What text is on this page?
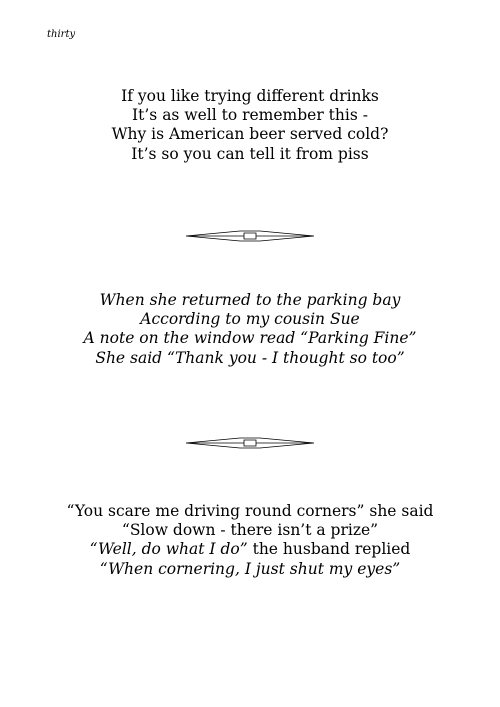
thirty
If you like trying different drinks
It’s as well to remember this -
Why is American beer served cold?
It’s so you can tell it from piss
When she returned to the parking bay
According to my cousin Sue
A note on the window read “Parking Fine”
She said “Thank you - I thought so too”
“You scare me driving round corners” she said
“Slow down - there isn’t a prize”
“Well, do what I do” the husband replied
“When cornering, I just shut my eyes”
